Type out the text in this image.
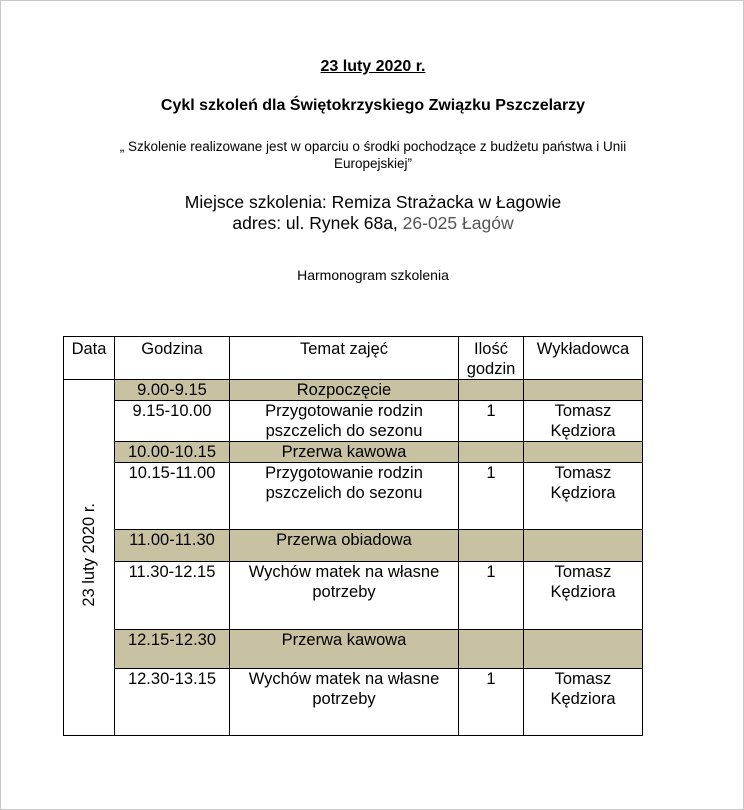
23 luty 2020 r.
Cykl szkoleń dla Świętokrzyskiego Związku Pszczelarzy
„ Szkolenie realizowane jest w oparciu o środki pochodzące z budżetu państwa i Unii Europejskiej”
Miejsce szkolenia: Remiza Strażacka w Łagowie
adres: ul. Rynek 68a, 26-025 Łagów
Harmonogram szkolenia
Data	Godzina	Temat zajęć	Ilość godzin	Wykładowca
23 luty 2020 r.	9.00-9.15	Rozpoczęcie		
	9.15-10.00	Przygotowanie rodzin pszczelich do sezonu	1	Tomasz Kędziora
	10.00-10.15	Przerwa kawowa		
	10.15-11.00	Przygotowanie rodzin pszczelich do sezonu	1	Tomasz Kędziora
	11.00-11.30	Przerwa obiadowa		
	11.30-12.15	Wychów matek na własne potrzeby	1	Tomasz Kędziora
	12.15-12.30	Przerwa kawowa		
	12.30-13.15	Wychów matek na własne potrzeby	1	Tomasz Kędziora
